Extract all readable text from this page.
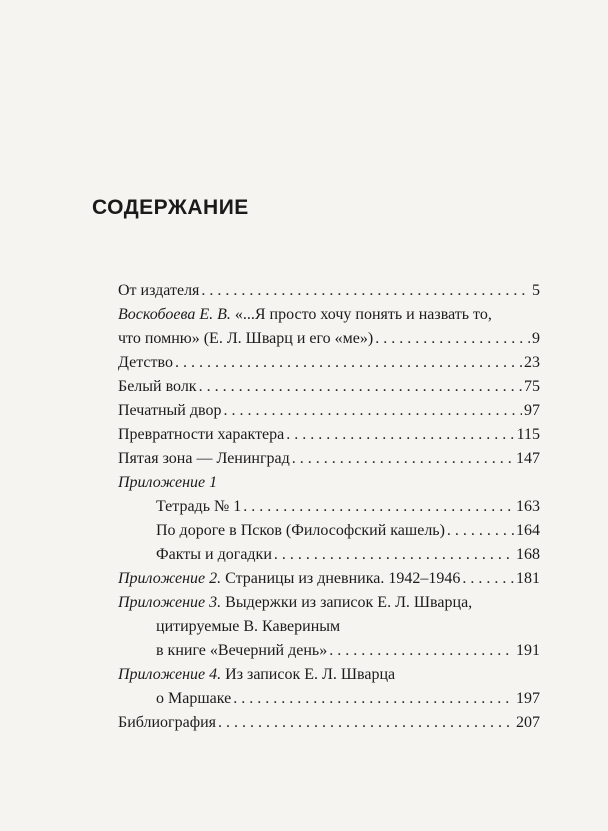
СОДЕРЖАНИЕ
От издателя . . .	5
Воскобоева Е. В. «...Я просто хочу понять и назвать то,
что помню» (Е. Л. Шварц и его «ме») . . .	9
Детство . . .	23
Белый волк . . .	75
Печатный двор . . .	97
Превратности характера . . .	115
Пятая зона — Ленинград . . .	147
Приложение 1
Тетрадь № 1 . . .	163
По дороге в Псков (Философский кашель) . . .	164
Факты и догадки . . .	168
Приложение 2. Страницы из дневника. 1942–1946 . . .	181
Приложение 3. Выдержки из записок Е. Л. Шварца,
цитируемые В. Кавериным
в книге «Вечерний день» . . .	191
Приложение 4. Из записок Е. Л. Шварца
о Маршаке . . .	197
Библиография . . .	207
